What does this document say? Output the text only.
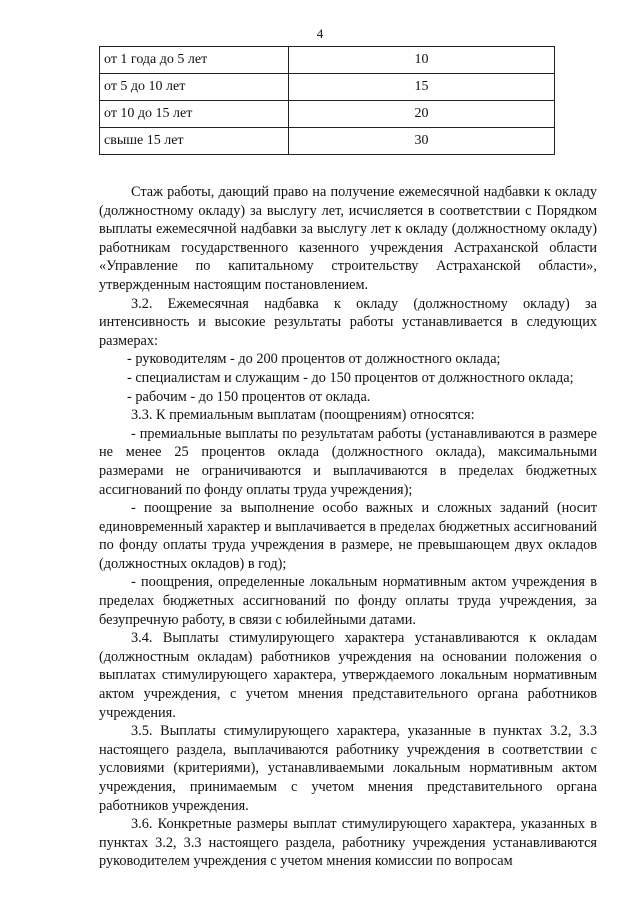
4
от 1 года до 5 лет	10
от 5 до 10 лет	15
от 10 до 15 лет	20
свыше 15 лет	30

Стаж работы, дающий право на получение ежемесячной надбавки к окладу (должностному окладу) за выслугу лет, исчисляется в соответствии с Порядком выплаты ежемесячной надбавки за выслугу лет к окладу (должностному окладу) работникам государственного казенного учреждения Астраханской области «Управление по капитальному строительству Астраханской области», утвержденным настоящим постановлением.

3.2. Ежемесячная надбавка к окладу (должностному окладу) за интенсивность и высокие результаты работы устанавливается в следующих размерах:

- руководителям - до 200 процентов от должностного оклада;

- специалистам и служащим - до 150 процентов от должностного оклада;

- рабочим - до 150 процентов от оклада.

3.3. К премиальным выплатам (поощрениям) относятся:

- премиальные выплаты по результатам работы (устанавливаются в размере не менее 25 процентов оклада (должностного оклада), максимальными размерами не ограничиваются и выплачиваются в пределах бюджетных ассигнований по фонду оплаты труда учреждения);

- поощрение за выполнение особо важных и сложных заданий (носит единовременный характер и выплачивается в пределах бюджетных ассигнований по фонду оплаты труда учреждения в размере, не превышающем двух окладов (должностных окладов) в год);

- поощрения, определенные локальным нормативным актом учреждения в пределах бюджетных ассигнований по фонду оплаты труда учреждения, за безупречную работу, в связи с юбилейными датами.

3.4. Выплаты стимулирующего характера устанавливаются к окладам (должностным окладам) работников учреждения на основании положения о выплатах стимулирующего характера, утверждаемого локальным нормативным актом учреждения, с учетом мнения представительного органа работников учреждения.

3.5. Выплаты стимулирующего характера, указанные в пунктах 3.2, 3.3 настоящего раздела, выплачиваются работнику учреждения в соответствии с условиями (критериями), устанавливаемыми локальным нормативным актом учреждения, принимаемым с учетом мнения представительного органа работников учреждения.

3.6. Конкретные размеры выплат стимулирующего характера, указанных в пунктах 3.2, 3.3 настоящего раздела, работнику учреждения устанавливаются руководителем учреждения с учетом мнения комиссии по вопросам
